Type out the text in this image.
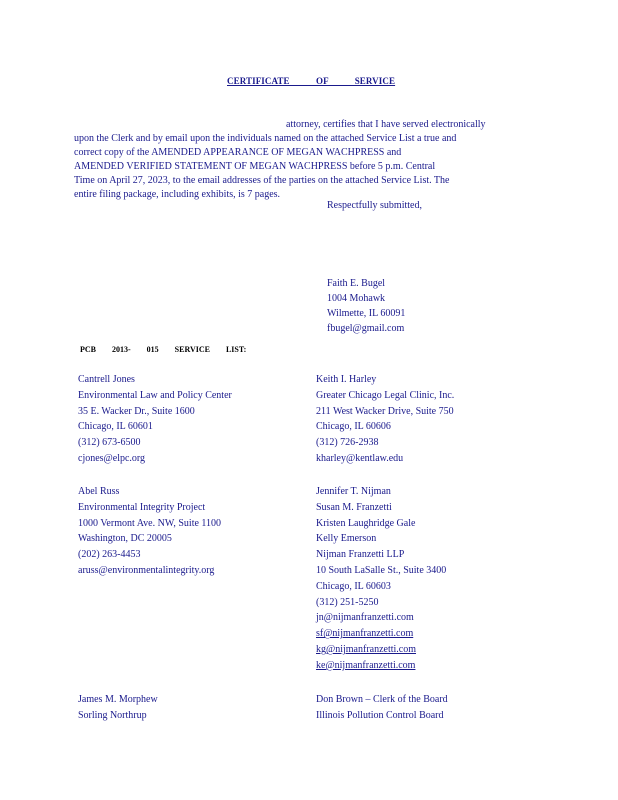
CERTIFICATE OF SERVICE
attorney, certifies that I have served electronically
upon the Clerk and by email upon the individuals named on the attached Service List a true and
correct copy of the AMENDED APPEARANCE OF MEGAN WACHPRESS and
AMENDED VERIFIED STATEMENT OF MEGAN WACHPRESS before 5 p.m. Central
Time on April 27, 2023, to the email addresses of the parties on the attached Service List. The
entire filing package, including exhibits, is 7 pages.
Respectfully submitted,
Faith E. Bugel
1004 Mohawk
Wilmette, IL 60091
fbugel@gmail.com
PCB 2013- 015 SERVICE LIST:
Cantrell Jones
Environmental Law and Policy Center
35 E. Wacker Dr., Suite 1600
Chicago, IL 60601
(312) 673-6500
cjones@elpc.org
Keith I. Harley
Greater Chicago Legal Clinic, Inc.
211 West Wacker Drive, Suite 750
Chicago, IL 60606
(312) 726-2938
kharley@kentlaw.edu
Abel Russ
Environmental Integrity Project
1000 Vermont Ave. NW, Suite 1100
Washington, DC 20005
(202) 263-4453
aruss@environmentalintegrity.org
Jennifer T. Nijman
Susan M. Franzetti
Kristen Laughridge Gale
Kelly Emerson
Nijman Franzetti LLP
10 South LaSalle St., Suite 3400
Chicago, IL 60603
(312) 251-5250
jn@nijmanfranzetti.com
sf@nijmanfranzetti.com
kg@nijmanfranzetti.com
ke@nijmanfranzetti.com
James M. Morphew
Sorling Northrup
Don Brown – Clerk of the Board
Illinois Pollution Control Board
